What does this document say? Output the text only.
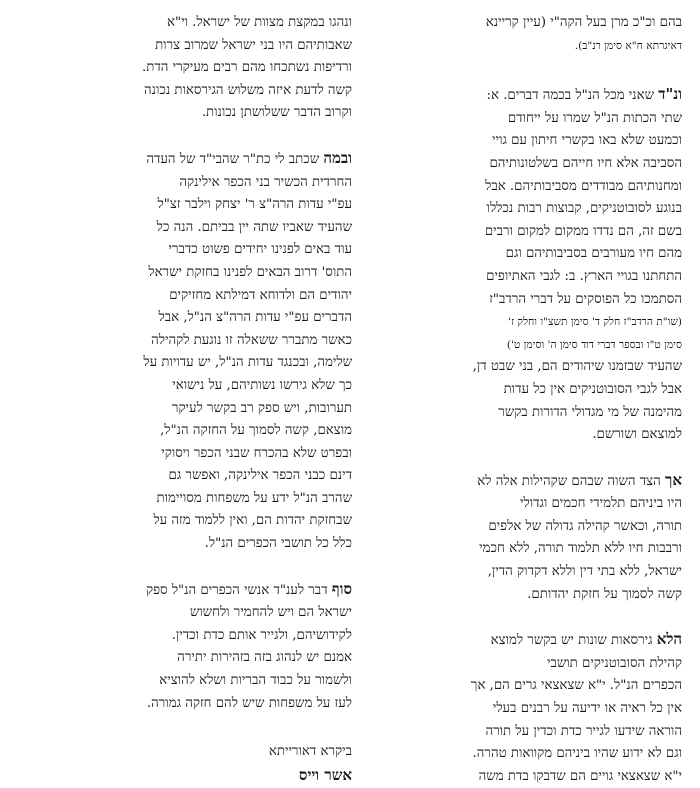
בהם וכ"כ מרן בעל הקה"י (עיין קריינא
דאיגרתא ח"א סימן רנ"ב).
ונ"ד שאני מכל הנ"ל בכמה דברים. א:
שתי הכתות הנ"ל שמרו על ייחודם
וכמעט שלא באו בקשרי חיתון עם גויי
הסביבה אלא חיו חייהם בשלטונותיהם
ומחנותיהם מבודדים מסביבותיהם. אבל
בנוגע לסובוטניקים, קבוצות רבות נכללו
בשם זה, הם נדדו ממקום למקום ורבים
מהם חיו מעורבים בסביבותיהם וגם
התחתנו בגויי הארץ. ב: לגבי האתיופים
הסתמכו כל הפוסקים על דברי הרדב"ז
(שו"ת הרדב"ז חלק ד' סימן תשצ"ו וחלק ז'
סימן ט"ו ובספר דברי דוד סימן ה' וסימן ט')
שהעיד שבזמנו שיהודים הם, בני שבט דן,
אבל לגבי הסובוטניקים אין כל עדות
מהימנה של מי מגדולי הדורות בקשר
למוצאם ושורשם.
אך הצד השוה שבהם שקהילות אלה לא
היו ביניהם תלמידי חכמים וגדולי
תורה, וכאשר קהילה גדולה של אלפים
ורבבות חיו ללא תלמוד תורה, ללא חכמי
ישראל, ללא בתי דין וללא דקדוק הדין,
קשה לסמוך על חזקת יהדותם.
הלא גירסאות שונות יש בקשר למוצא
קהילת הסובוטניקים תושבי
הכפרים הנ"ל. י"א שצאצאי גרים הם, אך
אין כל ראיה או ידיעה על רבנים בעלי
הוראה שידעו לגייר כדת וכדין על תורה
וגם לא ידוע שהיו ביניהם מקוואות טהרה.
י"א שצאצאי גויים הם שדבקו בדת משה
ונהגו במקצת מצוות של ישראל. וי"א
שאבותיהם היו בני ישראל שמרוב צרות
ורדיפות נשתכחו מהם רבים מעיקרי הדת.
קשה לדעת איזה משלוש הגירסאות נכונה
וקרוב הדבר ששלושתן נכונות.
ובמה שכתב לי כת"ר שהבי"ד של העדה
החרדית הכשיר בני הכפר אילינקה
עפ"י עדות הרה"צ ר' יצחק וילבר זצ"ל
שהעיד שאביו שתה יין בביתם. הנה כל
עוד באים לפנינו יחידים פשוט כדברי
התוס' דרוב הבאים לפנינו בחזקת ישראל
יהודים הם ולדוחא דמילתא מחזיקים
הדברים עפ"י עדות הרה"צ הנ"ל, אבל
כאשר מתברר ששאלה זו נוגעת לקהילה
שלימה, ובכנגד עדות הנ"ל, יש עדויות על
כך שלא גירשו נשותיהם, על נישואי
תערובות, ויש ספק רב בקשר לעיקר
מוצאם, קשה לסמוך על החזקה הנ"ל,
ובפרט שלא בהכרח שבני הכפר ויסוקי
דינם כבני הכפר אילינקה, ואפשר גם
שהרב הנ"ל ידע על משפחות מסויימות
שבחזקת יהדות הם, ואין ללמוד מזה על
כלל כל תושבי הכפרים הנ"ל.
סוף דבר לענ"ד אנשי הכפרים הנ"ל ספק
ישראל הם ויש להחמיר ולחשוש
לקידושיהם, ולגייר אותם כדת וכדין.
אמנם יש לנהוג בזה בזהירות יתירה
ולשמור על כבוד הבריות ושלא להוציא
לעז על משפחות שיש להם חזקה גמורה.
ביקרא דאורייתא
אשר וייס
